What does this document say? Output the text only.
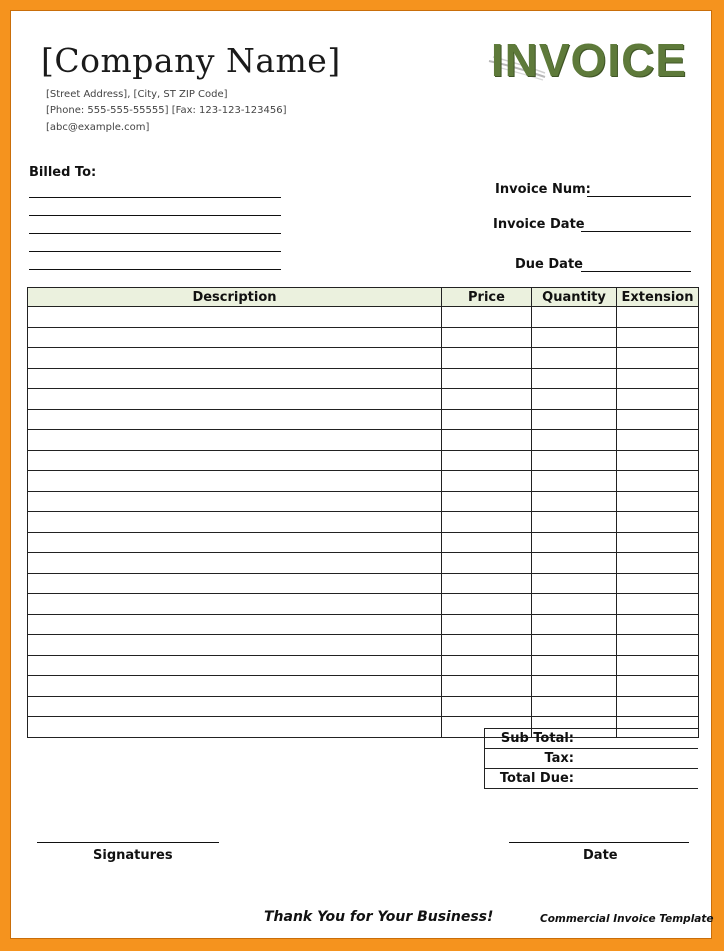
[Company Name]
[Street Address], [City, ST ZIP Code]
[Phone: 555-555-55555] [Fax: 123-123-123456]
[abc@example.com]
INVOICE
Billed To:
Invoice Num:
Invoice Date
Due Date
Description	Price	Quantity	Extension

Sub Total:
Tax:
Total Due:
Signatures	Date
Thank You for Your Business!	Commercial Invoice Template
